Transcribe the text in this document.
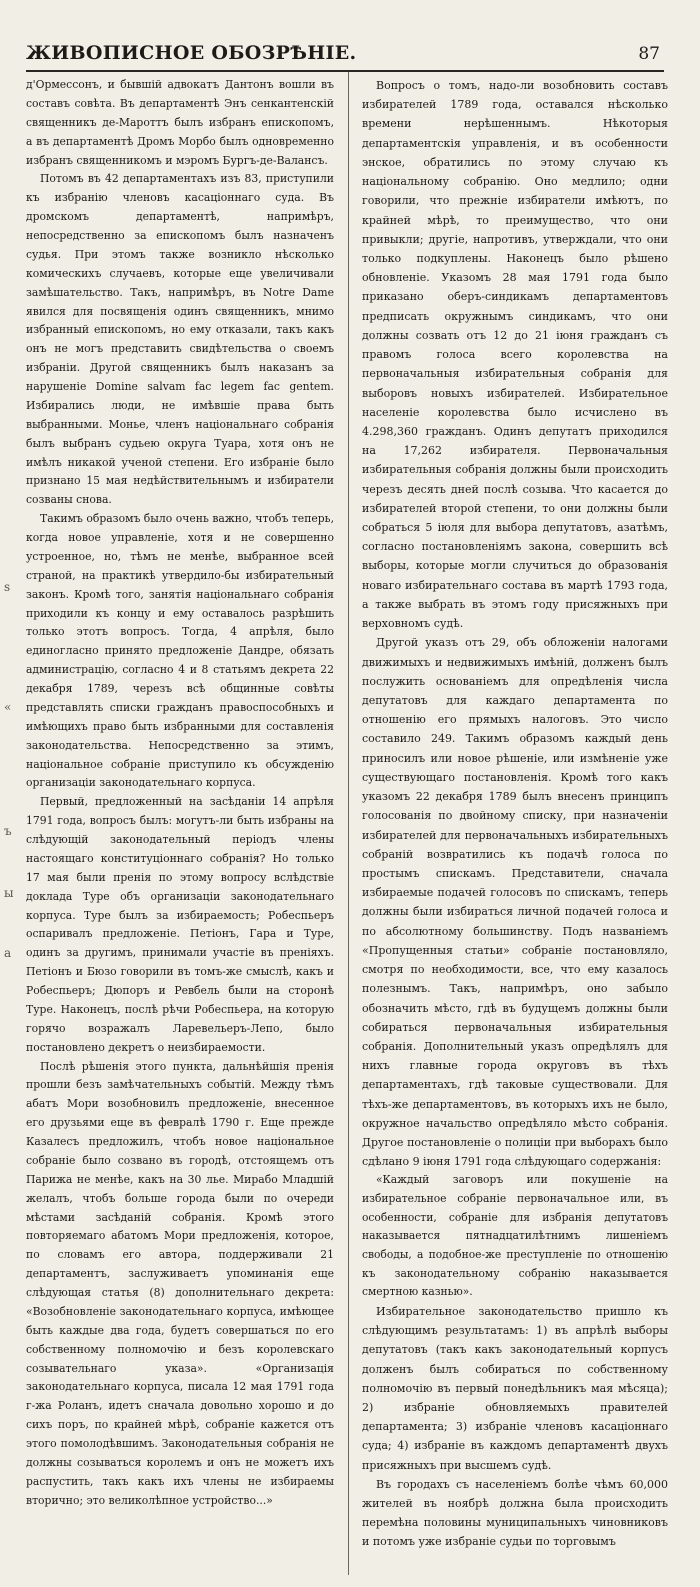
ЖИВОПИСНОЕ ОБОЗРѢНІЕ.	87
s
«
ъ
ы
а

д'Ормессонъ, и бывшій адвокатъ Дантонъ вошли въ составъ совѣта. Въ департаментѣ Энъ сенкантенскій священникъ де-Мароттъ былъ избранъ епископомъ, а въ департаментѣ Дромъ Морбо былъ одновременно избранъ священникомъ и мэромъ Бургъ-де-Валансъ.

Потомъ въ 42 департаментахъ изъ 83, приступили къ избранію членовъ касаціоннаго суда. Въ дромскомъ департаментѣ, напримѣръ, непосредственно за епископомъ былъ назначенъ судья. При этомъ также возникло нѣсколько комическихъ случаевъ, которые еще увеличивали замѣшательство. Такъ, напримѣръ, въ Notre Dame явился для посвященія одинъ священникъ, мнимо избранный епископомъ, но ему отказали, такъ какъ онъ не могъ представить свидѣтельства о своемъ избраніи. Другой священникъ былъ наказанъ за нарушеніе Domine salvam fac legem fac gentem. Избирались люди, не имѣвшіе права быть выбранными. Монье, членъ національнаго собранія былъ выбранъ судьею округа Туара, хотя онъ не имѣлъ никакой ученой степени. Его избраніе было признано 15 мая недѣйствительнымъ и избиратели созваны снова.

Такимъ образомъ было очень важно, чтобъ теперь, когда новое управленіе, хотя и не совершенно устроенное, но, тѣмъ не менѣе, выбранное всей страной, на практикѣ утвердило-бы избирательный законъ. Кромѣ того, занятія національнаго собранія приходили къ концу и ему оставалось разрѣшить только этотъ вопросъ. Тогда, 4 апрѣля, было единогласно принято предложеніе Дандре, обязать администрацію, согласно 4 и 8 статьямъ декрета 22 декабря 1789, черезъ всѣ общинные совѣты представлять списки гражданъ правоспособныхъ и имѣющихъ право быть избранными для составленія законодательства. Непосредственно за этимъ, національное собраніе приступило къ обсужденію организаціи законодательнаго корпуса.

Первый, предложенный на засѣданіи 14 апрѣля 1791 года, вопросъ былъ: могутъ-ли быть избраны на слѣдующій законодательный періодъ члены настоящаго конституціоннаго собранія? Но только 17 мая были пренія по этому вопросу вслѣдствіе доклада Туре объ организаціи законодательнаго корпуса. Туре былъ за избираемость; Робеспьеръ оспаривалъ предложеніе. Петіонъ, Гара и Туре, одинъ за другимъ, принимали участіе въ преніяхъ. Петіонъ и Бюзо говорили въ томъ-же смыслѣ, какъ и Робеспьеръ; Дюпоръ и Ревбель были на сторонѣ Туре. Наконецъ, послѣ рѣчи Робеспьера, на которую горячо возражалъ Ларевельеръ-Лепо, было постановлено декретъ о неизбираемости.

Послѣ рѣшенія этого пункта, дальнѣйшія пренія прошли безъ замѣчательныхъ событій. Между тѣмъ абатъ Мори возобновилъ предложеніе, внесенное его друзьями еще въ февралѣ 1790 г. Еще прежде Казалесъ предложилъ, чтобъ новое національное собраніе было созвано въ городѣ, отстоящемъ отъ Парижа не менѣе, какъ на 30 лье. Мирабо Младшій желалъ, чтобъ больше города были по очереди мѣстами засѣданій собранія. Кромѣ этого повторяемаго абатомъ Мори предложенія, которое, по словамъ его автора, поддерживали 21 департаментъ, заслуживаетъ упоминанія еще слѣдующая статья (8) дополнительнаго декрета: «Возобновленіе законодательнаго корпуса, имѣющее быть каждые два года, будетъ совершаться по его собственному полномочію и безъ королевскаго созывательнаго указа». «Организація законодательнаго корпуса, писала 12 мая 1791 года г-жа Роланъ, идетъ сначала довольно хорошо и до сихъ поръ, по крайней мѣрѣ, собраніе кажется отъ этого помолодѣвшимъ. Законодательныя собранія не должны созываться королемъ и онъ не можетъ ихъ распустить, такъ какъ ихъ члены не избираемы вторично; это великолѣпное устройство...»

Вопросъ о томъ, надо-ли возобновить составъ избирателей 1789 года, оставался нѣсколько времени нерѣшеннымъ. Нѣкоторыя департаментскія управленія, и въ особенности энское, обратились по этому случаю къ національному собранію. Оно медлило; одни говорили, что прежніе избиратели имѣютъ, по крайней мѣрѣ, то преимущество, что они привыкли; другіе, напротивъ, утверждали, что они только подкуплены. Наконецъ было рѣшено обновленіе. Указомъ 28 мая 1791 года было приказано оберъ-синдикамъ департаментовъ предписать окружнымъ синдикамъ, что они должны созвать отъ 12 до 21 іюня гражданъ съ правомъ голоса всего королевства на первоначальныя избирательныя собранія для выборовъ новыхъ избирателей. Избирательное населеніе королевства было исчислено въ 4.298,360 гражданъ. Одинъ депутатъ приходился на 17,262 избирателя. Первоначальныя избирательныя собранія должны были происходить черезъ десять дней послѣ созыва. Что касается до избирателей второй степени, то они должны были собраться 5 іюля для выбора депутатовъ, азатѣмъ, согласно постановленіямъ закона, совершить всѣ выборы, которые могли случиться до образованія новаго избирательнаго состава въ мартѣ 1793 года, а также выбрать въ этомъ году присяжныхъ при верховномъ судѣ.

Другой указъ отъ 29, объ обложеніи налогами движимыхъ и недвижимыхъ имѣній, долженъ былъ послужить основаніемъ для опредѣленія числа депутатовъ для каждаго департамента по отношенію его прямыхъ налоговъ. Это число составило 249. Такимъ образомъ каждый день приносилъ или новое рѣшеніе, или измѣненіе уже существующаго постановленія. Кромѣ того какъ указомъ 22 декабря 1789 былъ внесенъ принципъ голосованія по двойному списку, при назначеніи избирателей для первоначальныхъ избирательныхъ собраній возвратились къ подачѣ голоса по простымъ спискамъ. Представители, сначала избираемые подачей голосовъ по спискамъ, теперь должны были избираться личной подачей голоса и по абсолютному большинству. Подъ названіемъ «Пропущенныя статьи» собраніе постановляло, смотря по необходимости, все, что ему казалось полезнымъ. Такъ, напримѣръ, оно забыло обозначить мѣсто, гдѣ въ будущемъ должны были собираться первоначальныя избирательныя собранія. Дополнительный указъ опредѣлялъ для нихъ главные города округовъ въ тѣхъ департаментахъ, гдѣ таковые существовали. Для тѣхъ-же департаментовъ, въ которыхъ ихъ не было, окружное начальство опредѣляло мѣсто собранія. Другое постановленіе о полиціи при выборахъ было сдѣлано 9 іюня 1791 года слѣдующаго содержанія:

«Каждый заговоръ или покушеніе на избирательное собраніе первоначальное или, въ особенности, собраніе для избранія депутатовъ наказывается пятнадцатилѣтнимъ лишеніемъ свободы, а подобное-же преступленіе по отношенію къ законодательному собранію наказывается смертною казнью».

Избирательное законодательство пришло къ слѣдующимъ результатамъ: 1) въ апрѣлѣ выборы депутатовъ (такъ какъ законодательный корпусъ долженъ былъ собираться по собственному полномочію въ первый понедѣльникъ мая мѣсяца); 2) избраніе обновляемыхъ правителей департамента; 3) избраніе членовъ касаціоннаго суда; 4) избраніе въ каждомъ департаментѣ двухъ присяжныхъ при высшемъ судѣ.

Въ городахъ съ населеніемъ болѣе чѣмъ 60,000 жителей въ ноябрѣ должна была происходить перемѣна половины муниципальныхъ чиновниковъ и потомъ уже избраніе судьи по торговымъ
